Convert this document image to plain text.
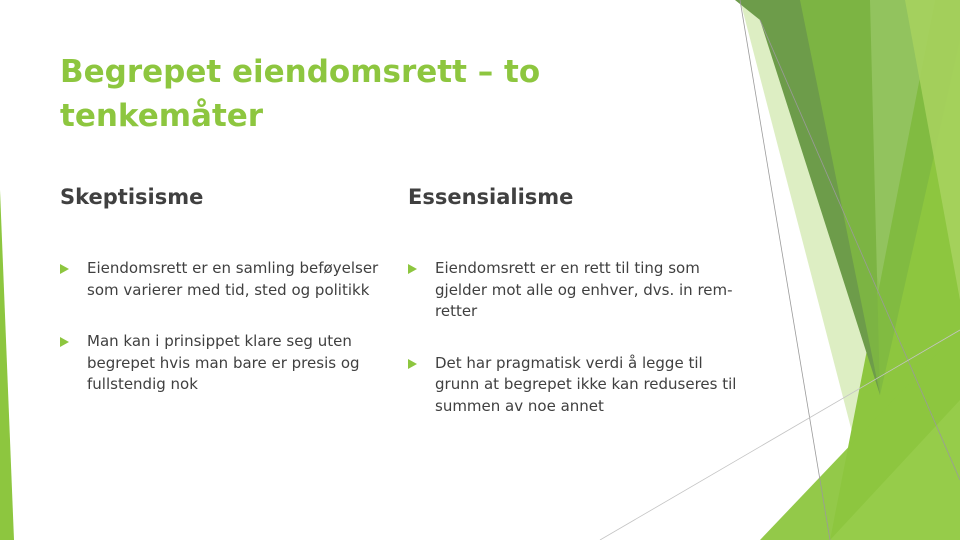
Begrepet eiendomsrett – to
tenkemåter
Skeptisisme
Eiendomsrett er en samling beføyelser som varierer med tid, sted og politikk
Man kan i prinsippet klare seg uten begrepet hvis man bare er presis og fullstendig nok
Essensialisme
Eiendomsrett er en rett til ting som gjelder mot alle og enhver, dvs. in rem-retter
Det har pragmatisk verdi å legge til grunn at begrepet ikke kan reduseres til summen av noe annet
